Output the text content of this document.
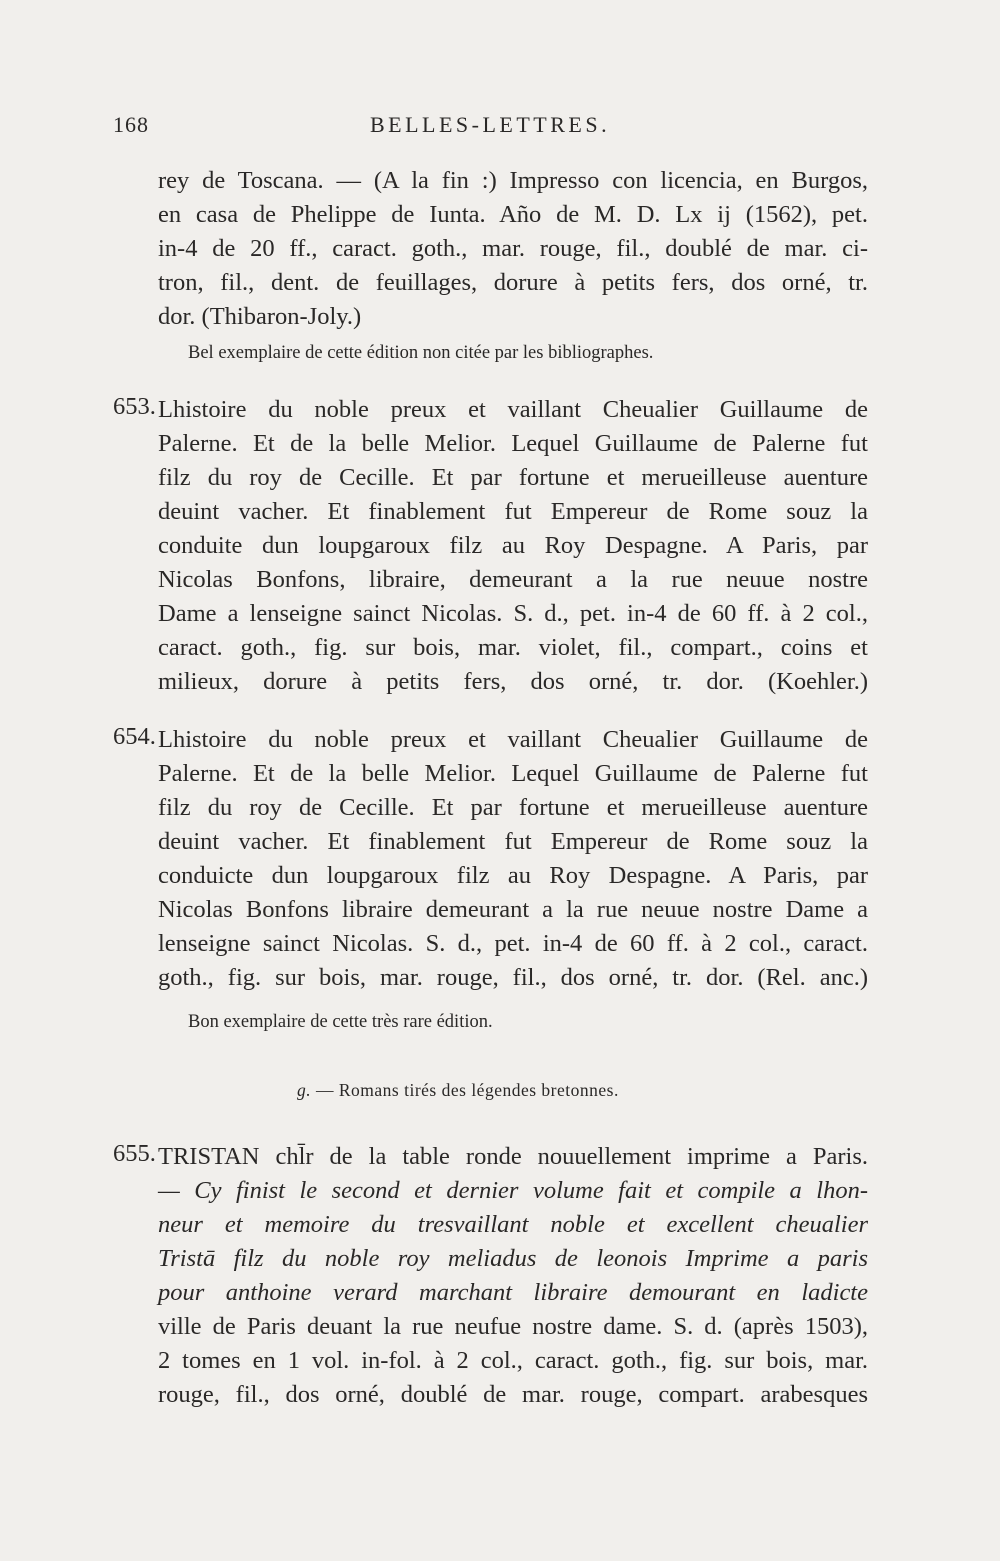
168	BELLES-LETTRES.
rey de Toscana. — (A la fin :) Impresso con licencia, en Burgos,
en casa de Phelippe de Iunta. Año de M. D. Lx ij (1562), pet.
in-4 de 20 ff., caract. goth., mar. rouge, fil., doublé de mar. ci-
tron, fil., dent. de feuillages, dorure à petits fers, dos orné, tr.
dor. (Thibaron-Joly.)
Bel exemplaire de cette édition non citée par les bibliographes.
653. Lhistoire du noble preux et vaillant Cheualier Guillaume de
Palerne. Et de la belle Melior. Lequel Guillaume de Palerne fut
filz du roy de Cecille. Et par fortune et merueilleuse auenture
deuint vacher. Et finablement fut Empereur de Rome souz la
conduite dun loupgaroux filz au Roy Despagne. A Paris, par
Nicolas Bonfons, libraire, demeurant a la rue neuue nostre
Dame a lenseigne sainct Nicolas. S. d., pet. in-4 de 60 ff. à 2 col.,
caract. goth., fig. sur bois, mar. violet, fil., compart., coins et
milieux, dorure à petits fers, dos orné, tr. dor. (Koehler.)
654. Lhistoire du noble preux et vaillant Cheualier Guillaume de
Palerne. Et de la belle Melior. Lequel Guillaume de Palerne fut
filz du roy de Cecille. Et par fortune et merueilleuse auenture
deuint vacher. Et finablement fut Empereur de Rome souz la
conduicte dun loupgaroux filz au Roy Despagne. A Paris, par
Nicolas Bonfons libraire demeurant a la rue neuue nostre Dame a
lenseigne sainct Nicolas. S. d., pet. in-4 de 60 ff. à 2 col., caract.
goth., fig. sur bois, mar. rouge, fil., dos orné, tr. dor. (Rel. anc.)
Bon exemplaire de cette très rare édition.
g. — Romans tirés des légendes bretonnes.
655. TRISTAN chl̄r de la table ronde nouuellement imprime a Paris.
— Cy finist le second et dernier volume fait et compile a lhon-
neur et memoire du tresvaillant noble et excellent cheualier
Tristā filz du noble roy meliadus de leonois Imprime a paris
pour anthoine verard marchant libraire demourant en ladicte
ville de Paris deuant la rue neufue nostre dame. S. d. (après 1503),
2 tomes en 1 vol. in-fol. à 2 col., caract. goth., fig. sur bois, mar.
rouge, fil., dos orné, doublé de mar. rouge, compart. arabesques
